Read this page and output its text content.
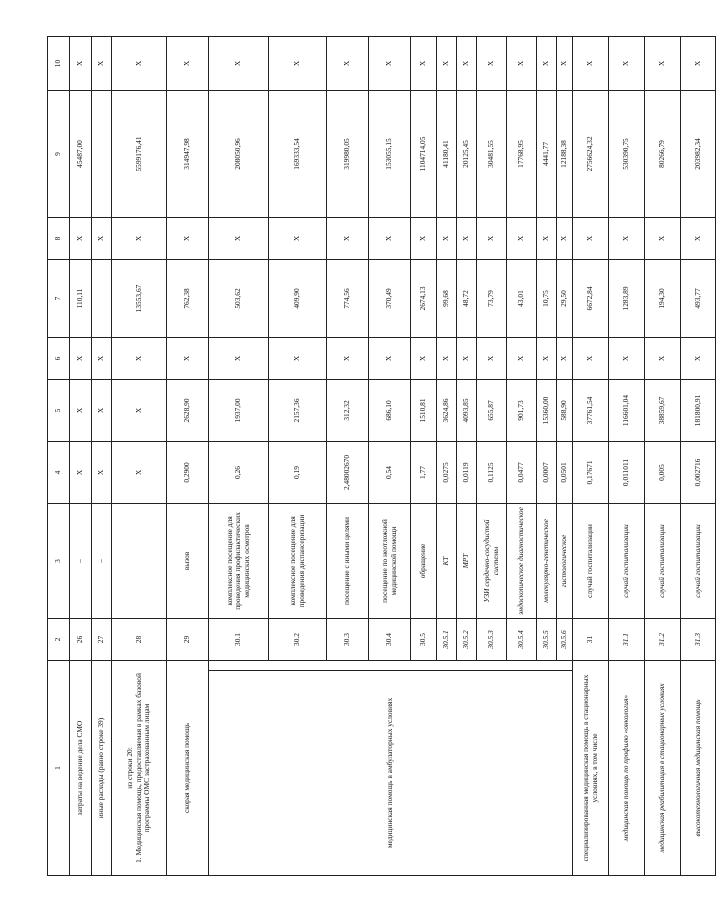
1		2	3	4	5	6	7	8	9	10
затраты на ведение дела СМО		26	–	X	X	X	110,11	X	45487,00	X
иные расходы (равно строке 39)		27	–	X	X	X		X		X
из строки 20:
1. Медицинская помощь, предоставляемая в рамках базовой программы ОМС застрахованным лицам		28		X	X	X	13553,67	X	5599176,41	X
скорая медицинская помощь		29	вызов	0,2900	2628,90	X	762,38	X	314947,98	X
медицинская помощь в амбулаторных условиях		30.1	комплексное посещение для проведения профилактических медицинских осмотров	0,26	1937,00	X	503,62	X	208050,96	X
		30.2	комплексное посещение для проведения диспансеризации	0,19	2157,36	X	409,90	X	169333,54	X
		30.3	посещение с иными целями	2,48002670	312,32	X	774,56	X	319980,05	X
		30.4	посещение по неотложной медицинской помощи	0,54	686,10	X	370,49	X	153055,15	X
		30.5	обращение	1,77	1510,81	X	2674,13	X	1104714,05	X
		30.5.1	КТ	0,0275	3624,86	X	99,68	X	41180,41	X
		30.5.2	МРТ	0,0119	4093,85	X	48,72	X	20125,45	X
		30.5.3	УЗИ сердечно-сосудистой системы	0,1125	655,87	X	73,79	X	30481,55	X
		30.5.4	эндоскопическое диагностическое	0,0477	901,73	X	43,01	X	17768,95	X
		30.5.5	молекулярно-генетическое	0,0007	15360,00	X	10,75	X	4441,77	X
		30.5.6	гистологическое	0,0501	588,90	X	29,50	X	12188,38	X
специализированная медицинская помощь в стационарных условиях, в том числе		31	случай госпитализации	0,17671	37761,54	X	6672,84	X	2756624,32	X
медицинская помощь по профилю «онкология»		31.1	случай госпитализации	0,011011	116601,04	X	1283,89	X	530390,75	X
медицинская реабилитация в стационарных условиях		31.2	случай госпитализации	0,005	38859,67	X	194,30	X	80266,79	X
высокотехнологичная медицинская помощь		31.3	случай госпитализации	0,002716	181800,91	X	493,77	X	203982,34	X
